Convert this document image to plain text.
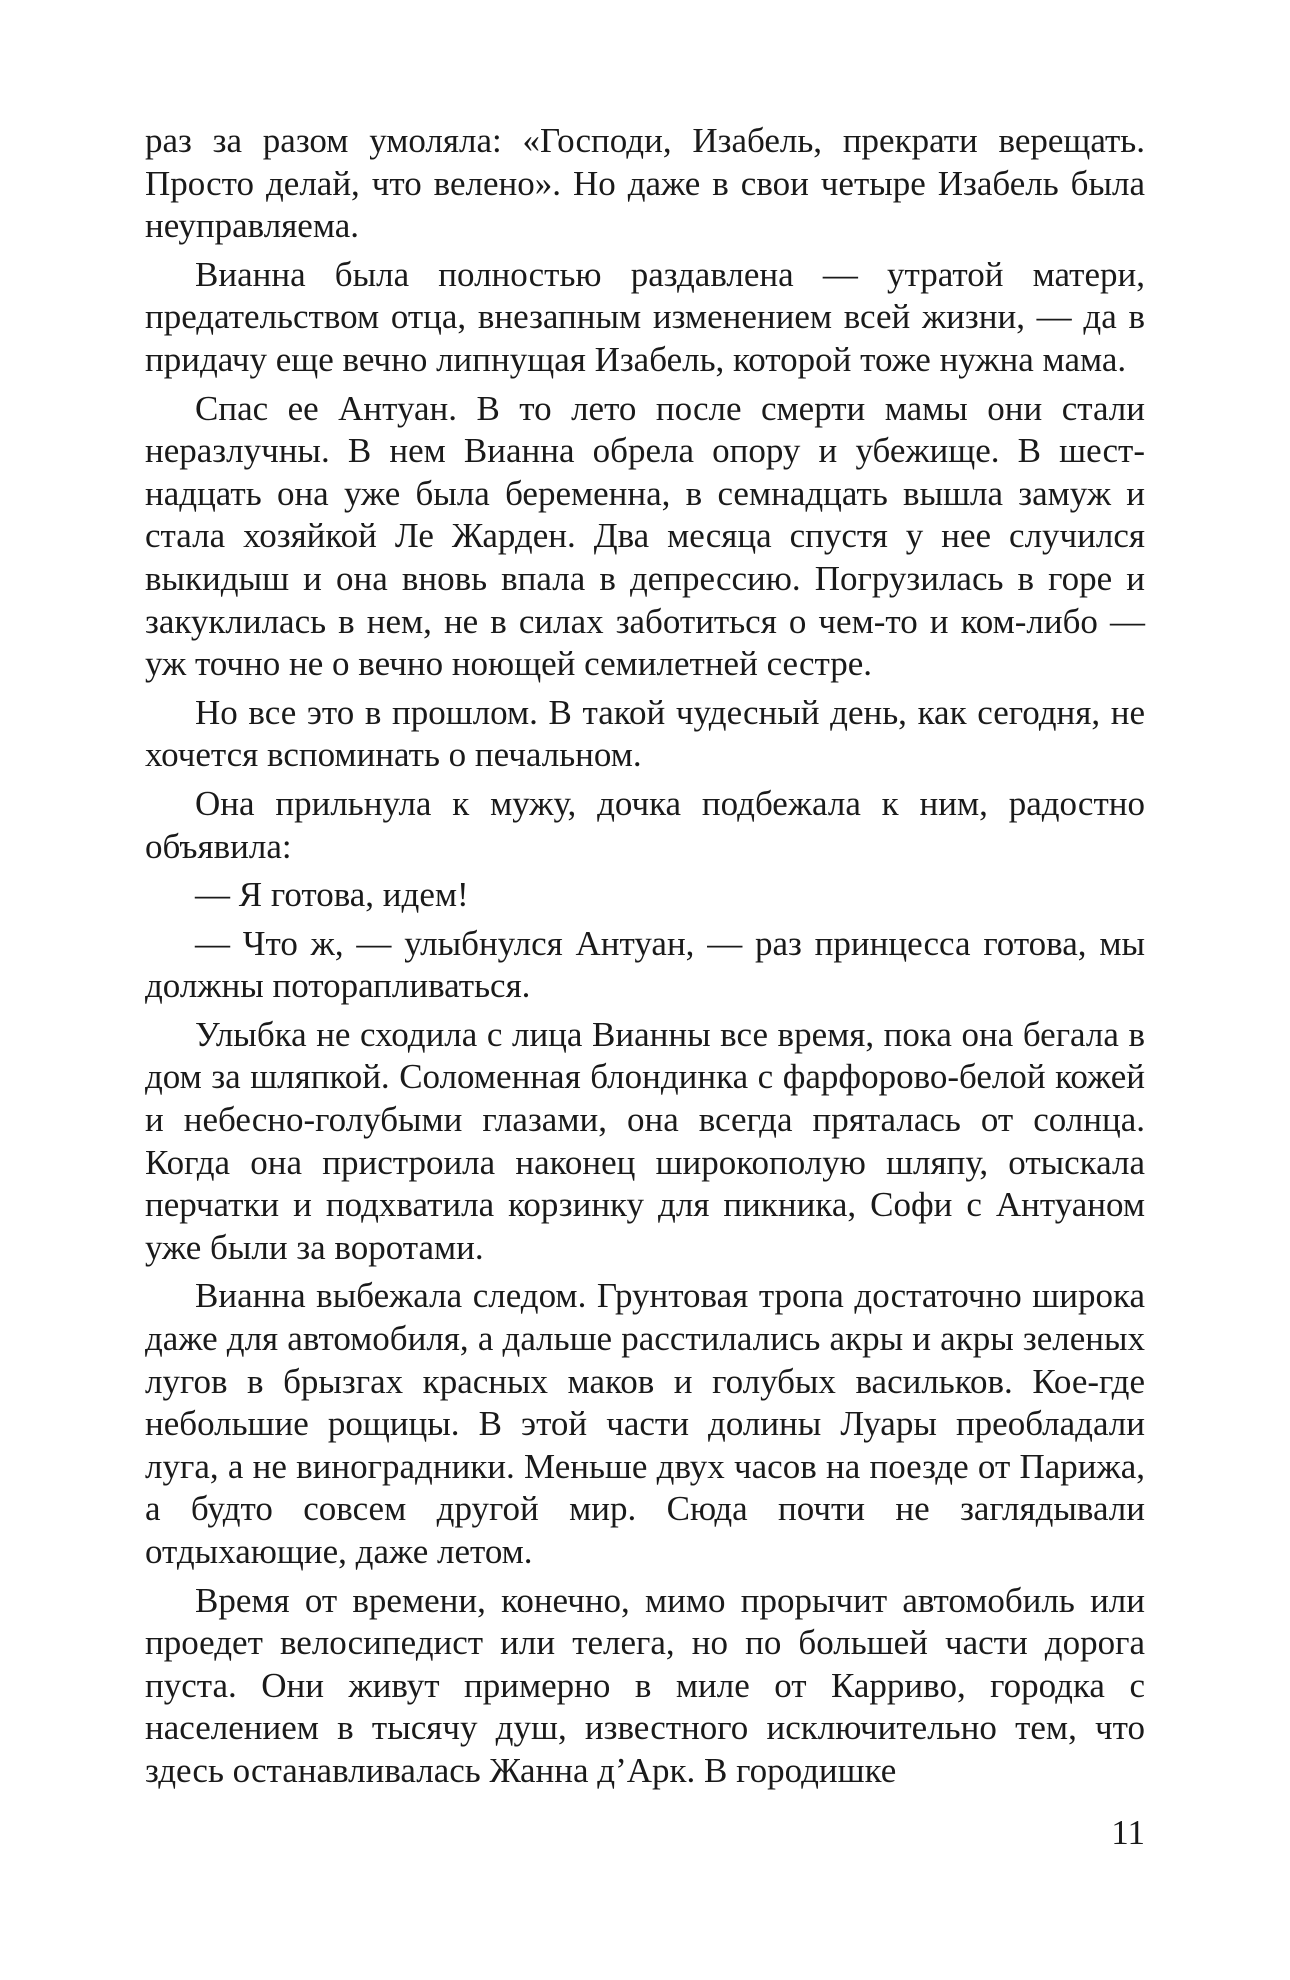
раз за разом умоляла: «Господи, Изабель, прекрати верещать. Просто делай, что велено». Но даже в свои четыре Изабель была неуправляема.

Вианна была полностью раздавлена — утратой матери, предательством отца, внезапным изменением всей жизни, — да в придачу еще вечно липнущая Изабель, которой тоже нужна мама.

Спас ее Антуан. В то лето после смерти мамы они стали неразлучны. В нем Вианна обрела опору и убежище. В шестнадцать она уже была беременна, в семнадцать вышла замуж и стала хозяйкой Ле Жарден. Два месяца спустя у нее случился выкидыш и она вновь впала в депрессию. Погрузилась в горе и закуклилась в нем, не в силах заботиться о чем-то и ком-либо — уж точно не о вечно ноющей семилетней сестре.

Но все это в прошлом. В такой чудесный день, как сегодня, не хочется вспоминать о печальном.

Она прильнула к мужу, дочка подбежала к ним, радостно объявила:

— Я готова, идем!

— Что ж, — улыбнулся Антуан, — раз принцесса готова, мы должны поторапливаться.

Улыбка не сходила с лица Вианны все время, пока она бегала в дом за шляпкой. Соломенная блондинка с фарфорово-белой кожей и небесно-голубыми глазами, она всегда пряталась от солнца. Когда она пристроила наконец широкополую шляпу, отыскала перчатки и подхватила корзинку для пикника, Софи с Антуаном уже были за воротами.

Вианна выбежала следом. Грунтовая тропа достаточно широка даже для автомобиля, а дальше расстилались акры и акры зеленых лугов в брызгах красных маков и голубых васильков. Кое-где небольшие рощицы. В этой части долины Луары преобладали луга, а не виноградники. Меньше двух часов на поезде от Парижа, а будто совсем другой мир. Сюда почти не заглядывали отдыхающие, даже летом.

Время от времени, конечно, мимо прорычит автомобиль или проедет велосипедист или телега, но по большей части дорога пуста. Они живут примерно в миле от Карриво, городка с населением в тысячу душ, известного исключительно тем, что здесь останавливалась Жанна д’Арк. В городишке

11
